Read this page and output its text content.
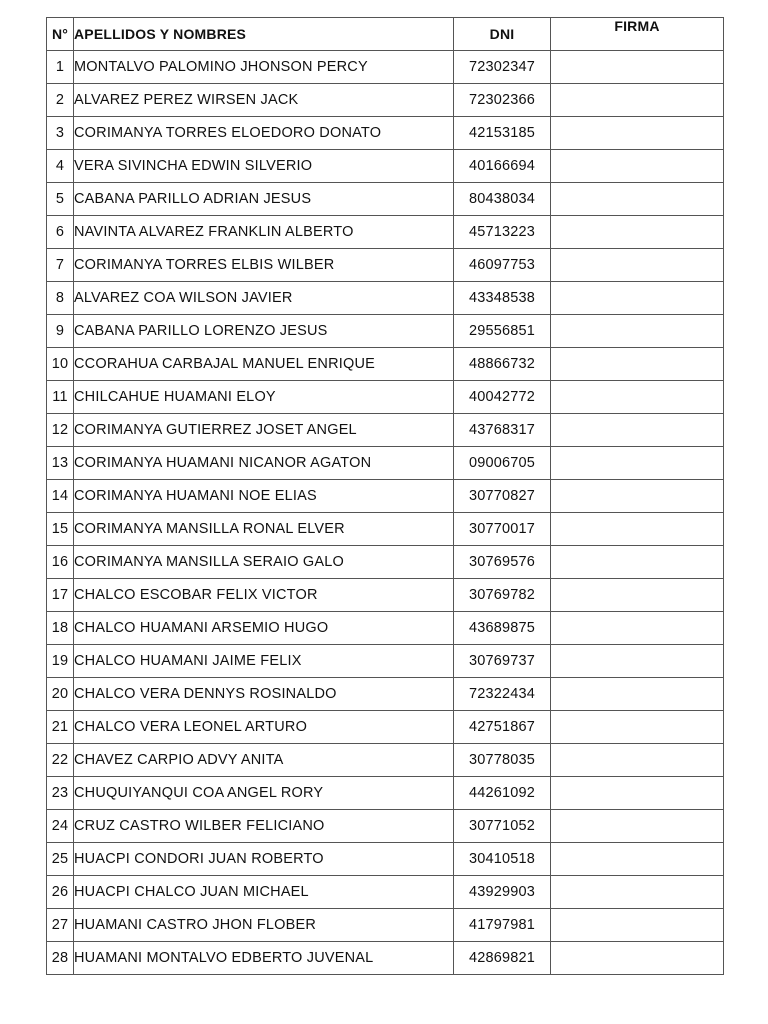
N°	APELLIDOS Y NOMBRES	DNI	FIRMA
1	MONTALVO PALOMINO JHONSON PERCY	72302347	
2	ALVAREZ PEREZ WIRSEN JACK	72302366	
3	CORIMANYA TORRES ELOEDORO DONATO	42153185	
4	VERA SIVINCHA EDWIN SILVERIO	40166694	
5	CABANA PARILLO ADRIAN JESUS	80438034	
6	NAVINTA ALVAREZ FRANKLIN ALBERTO	45713223	
7	CORIMANYA TORRES ELBIS WILBER	46097753	
8	ALVAREZ COA WILSON JAVIER	43348538	
9	CABANA PARILLO LORENZO JESUS	29556851	
10	CCORAHUA CARBAJAL MANUEL ENRIQUE	48866732	
11	CHILCAHUE HUAMANI ELOY	40042772	
12	CORIMANYA GUTIERREZ JOSET ANGEL	43768317	
13	CORIMANYA HUAMANI NICANOR AGATON	09006705	
14	CORIMANYA HUAMANI NOE ELIAS	30770827	
15	CORIMANYA MANSILLA RONAL ELVER	30770017	
16	CORIMANYA MANSILLA SERAIO GALO	30769576	
17	CHALCO ESCOBAR FELIX VICTOR	30769782	
18	CHALCO HUAMANI ARSEMIO HUGO	43689875	
19	CHALCO HUAMANI JAIME FELIX	30769737	
20	CHALCO VERA DENNYS ROSINALDO	72322434	
21	CHALCO VERA LEONEL ARTURO	42751867	
22	CHAVEZ CARPIO ADVY ANITA	30778035	
23	CHUQUIYANQUI COA ANGEL RORY	44261092	
24	CRUZ CASTRO WILBER FELICIANO	30771052	
25	HUACPI CONDORI JUAN ROBERTO	30410518	
26	HUACPI CHALCO JUAN MICHAEL	43929903	
27	HUAMANI CASTRO JHON FLOBER	41797981	
28	HUAMANI MONTALVO EDBERTO JUVENAL	42869821	
